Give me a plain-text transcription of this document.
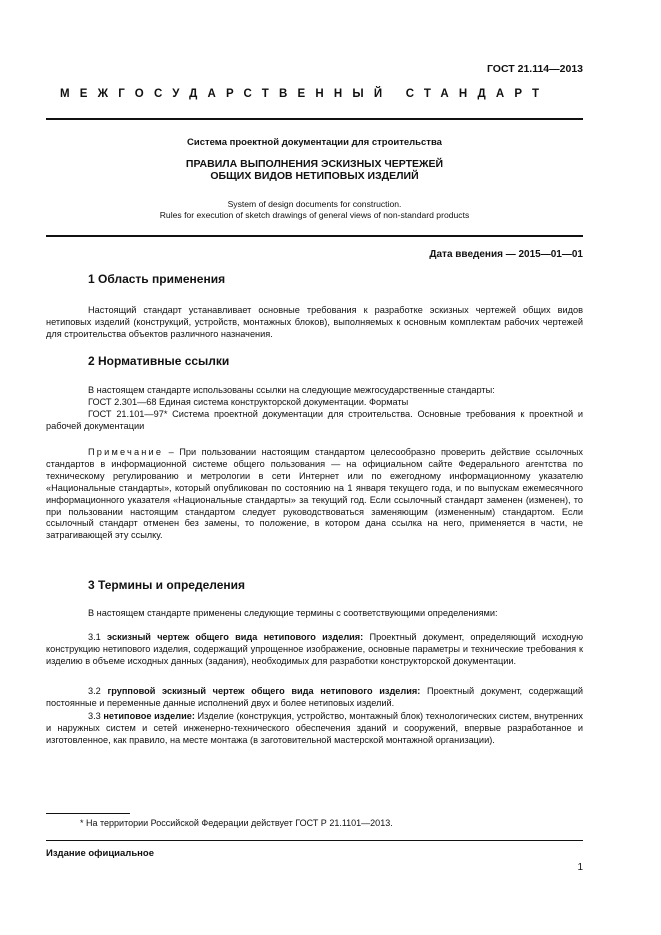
ГОСТ 21.114—2013
МЕЖГОСУДАРСТВЕННЫЙ СТАНДАРТ
Система проектной документации для строительства
ПРАВИЛА ВЫПОЛНЕНИЯ ЭСКИЗНЫХ ЧЕРТЕЖЕЙ
ОБЩИХ ВИДОВ НЕТИПОВЫХ ИЗДЕЛИЙ
System of design documents for construction.
Rules for execution of sketch drawings of general views of non-standard products
Дата введения — 2015—01—01
1 Область применения
Настоящий стандарт устанавливает основные требования к разработке эскизных чертежей общих видов нетиповых изделий (конструкций, устройств, монтажных блоков), выполняемых к основным комплектам рабочих чертежей для строительства объектов различного назначения.
2 Нормативные ссылки
В настоящем стандарте использованы ссылки на следующие межгосударственные стандарты:
ГОСТ 2.301—68 Единая система конструкторской документации. Форматы
ГОСТ 21.101—97* Система проектной документации для строительства. Основные требования к проектной и рабочей документации
Примечание – При пользовании настоящим стандартом целесообразно проверить действие ссылочных стандартов в информационной системе общего пользования — на официальном сайте Федерального агентства по техническому регулированию и метрологии в сети Интернет или по ежегодному информационному указателю «Национальные стандарты», который опубликован по состоянию на 1 января текущего года, и по выпускам ежемесячного информационного указателя «Национальные стандарты» за текущий год. Если ссылочный стандарт заменен (изменен), то при пользовании настоящим стандартом следует руководствоваться заменяющим (измененным) стандартом. Если ссылочный стандарт отменен без замены, то положение, в котором дана ссылка на него, применяется в части, не затрагивающей эту ссылку.
3 Термины и определения
В настоящем стандарте применены следующие термины с соответствующими определениями:
3.1 эскизный чертеж общего вида нетипового изделия: Проектный документ, определяющий исходную конструкцию нетипового изделия, содержащий упрощенное изображение, основные параметры и технические требования к изделию в объеме исходных данных (задания), необходимых для разработки конструкторской документации.
3.2 групповой эскизный чертеж общего вида нетипового изделия: Проектный документ, содержащий постоянные и переменные данные исполнений двух и более нетиповых изделий.
3.3 нетиповое изделие: Изделие (конструкция, устройство, монтажный блок) технологических систем, внутренних и наружных систем и сетей инженерно-технического обеспечения зданий и сооружений, впервые разработанное и изготовленное, как правило, на месте монтажа (в заготовительной мастерской монтажной организации).
* На территории Российской Федерации действует ГОСТ Р 21.1101—2013.
Издание официальное
1
